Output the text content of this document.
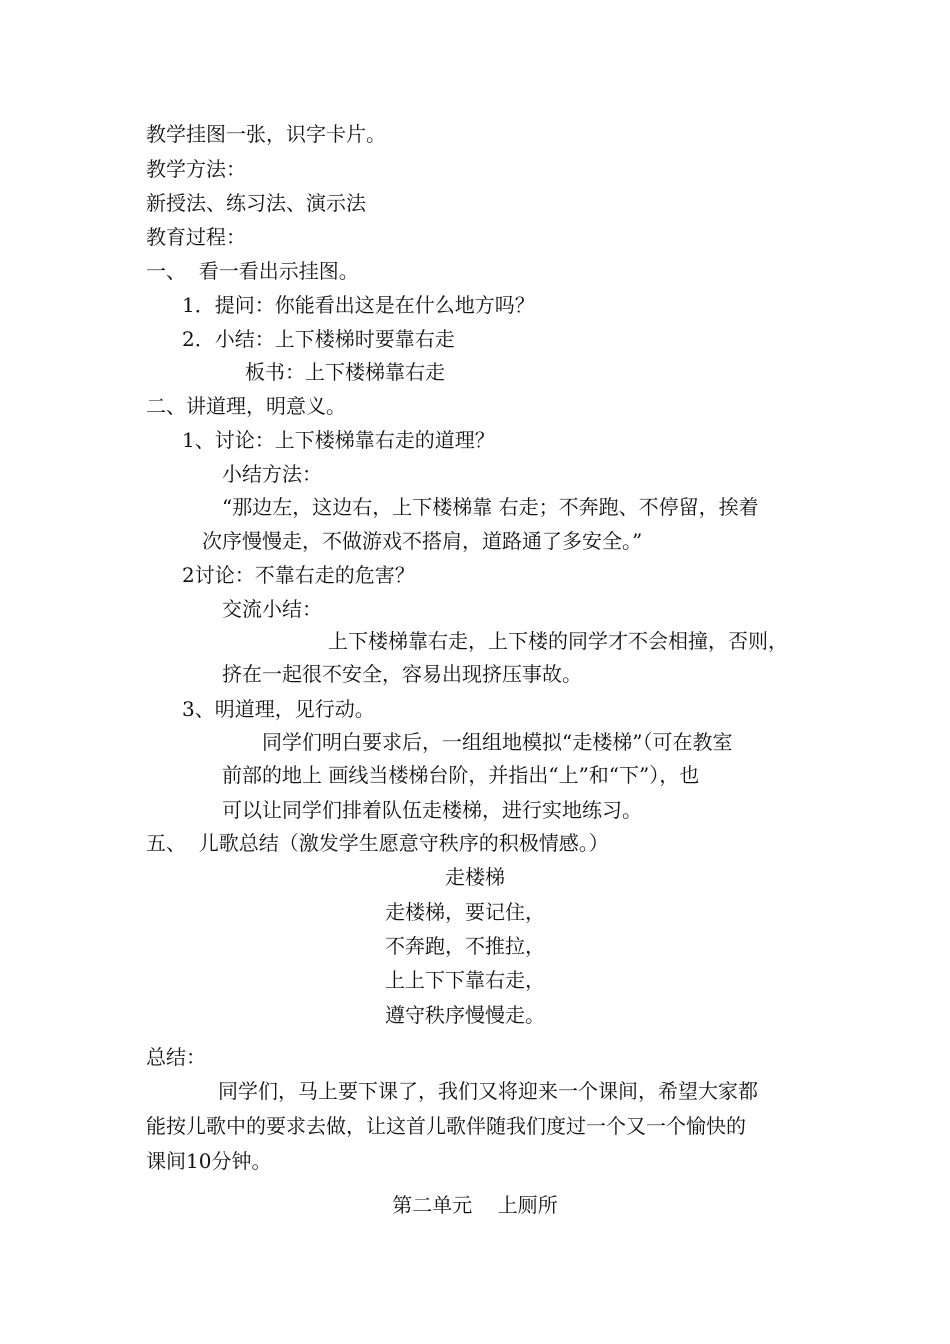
教学挂图一张，识字卡片。
教学方法：
新授法、练习法、演示法
教育过程：
一、  看一看出示挂图。
1．提问：你能看出这是在什么地方吗？
2．小结：上下楼梯时要靠右走
板书：上下楼梯靠右走
二、讲道理，明意义。
1、讨论：上下楼梯靠右走的道理？
小结方法：
“那边左，这边右，上下楼梯靠 右走；不奔跑、不停留，挨着
次序慢慢走，不做游戏不搭肩，道路通了多安全。”
2讨论：不靠右走的危害？
交流小结：
上下楼梯靠右走，上下楼的同学才不会相撞，否则，
挤在一起很不安全，容易出现挤压事故。
3、明道理，见行动。
同学们明白要求后，一组组地模拟“走楼梯”（可在教室
前部的地上 画线当楼梯台阶，并指出“上”和“下”），也
可以让同学们排着队伍走楼梯，进行实地练习。
五、  儿歌总结（激发学生愿意守秩序的积极情感。）
走楼梯
走楼梯，要记住，
不奔跑，不推拉，
上上下下靠右走，
遵守秩序慢慢走。
总结：
同学们，马上要下课了，我们又将迎来一个课间，希望大家都
能按儿歌中的要求去做，让这首儿歌伴随我们度过一个又一个愉快的
课间10分钟。
第二单元    上厕所
